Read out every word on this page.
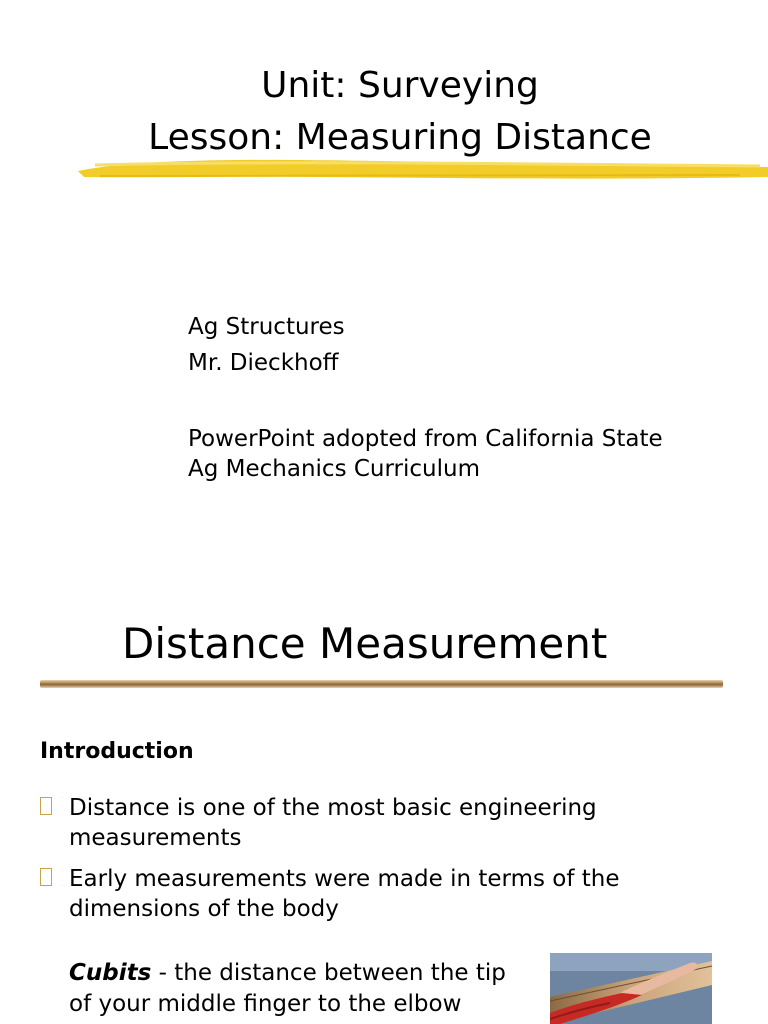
Unit: Surveying
Lesson: Measuring Distance
Ag Structures
Mr. Dieckhoff
PowerPoint adopted from California State
Ag Mechanics Curriculum
Distance Measurement
Introduction
Distance is one of the most basic engineering
measurements
Early measurements were made in terms of the
dimensions of the body
Cubits - the distance between the tip
of your middle finger to the elbow
